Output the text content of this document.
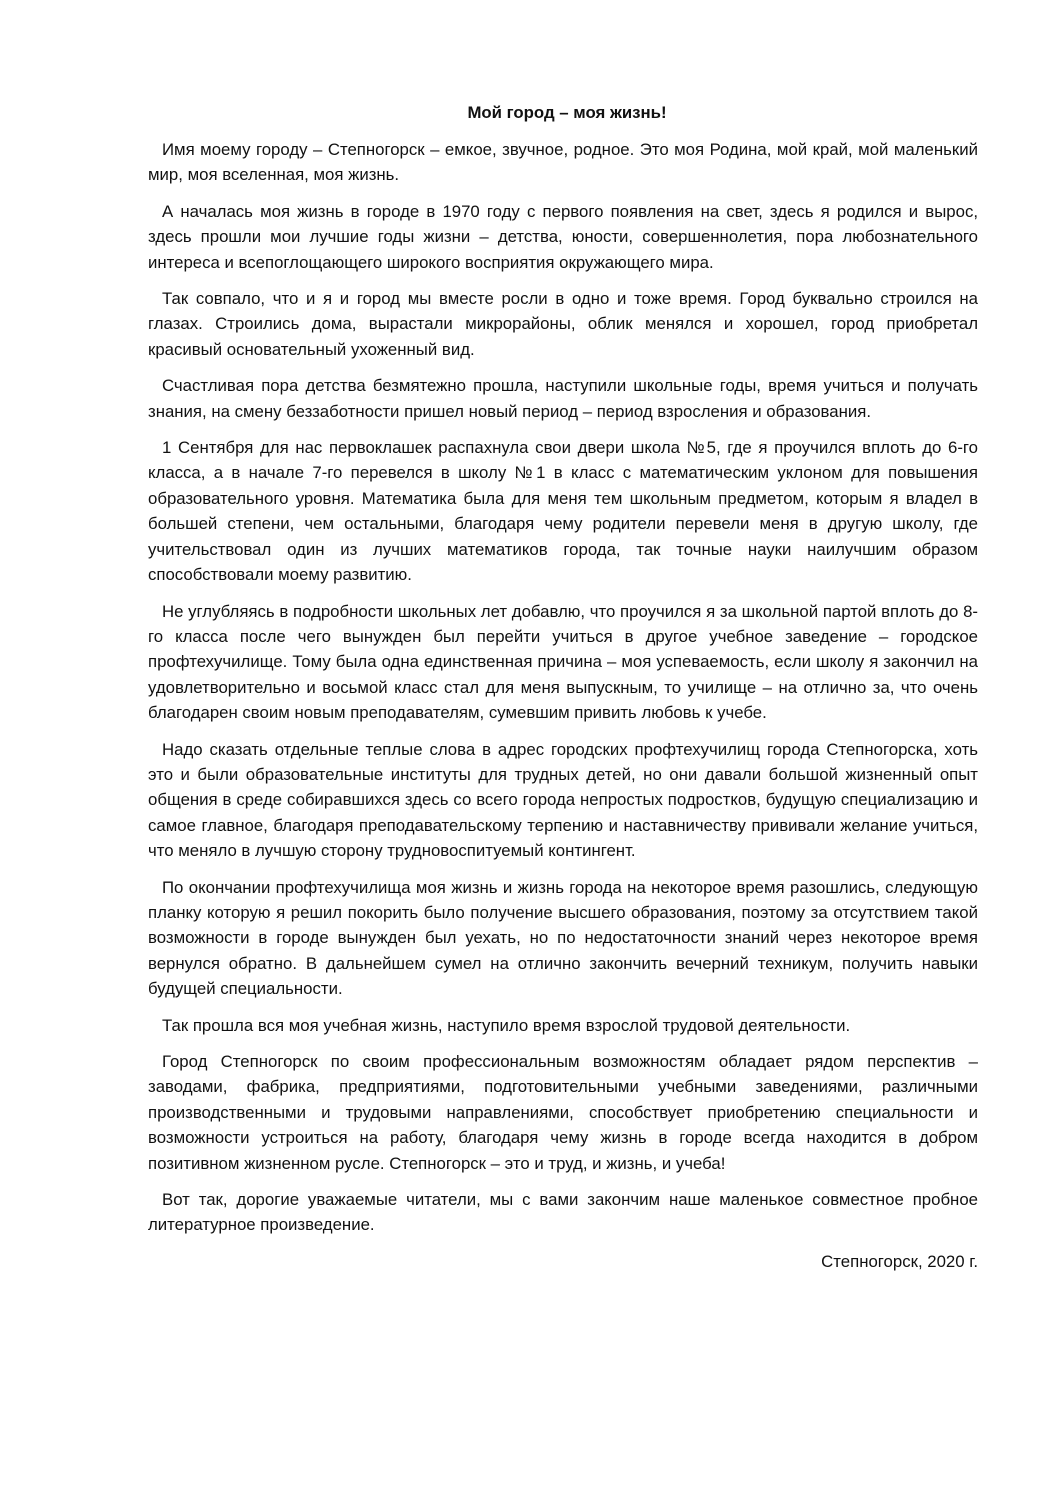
Мой город – моя жизнь!

Имя моему городу – Степногорск – емкое, звучное, родное. Это моя Родина, мой край, мой маленький мир, моя вселенная, моя жизнь.

А началась моя жизнь в городе в 1970 году с первого появления на свет, здесь я родился и вырос, здесь прошли мои лучшие годы жизни – детства, юности, совершеннолетия, пора любознательного интереса и всепоглощающего широкого восприятия окружающего мира.

Так совпало, что и я и город мы вместе росли в одно и тоже время. Город буквально строился на глазах. Строились дома, вырастали микрорайоны, облик менялся и хорошел, город приобретал красивый основательный ухоженный вид.

Счастливая пора детства безмятежно прошла, наступили школьные годы, время учиться и получать знания, на смену беззаботности пришел новый период – период взросления и образования.

1 Сентября для нас первоклашек распахнула свои двери школа №5, где я проучился вплоть до 6-го класса, а в начале 7-го перевелся в школу №1 в класс с математическим уклоном для повышения образовательного уровня. Математика была для меня тем школьным предметом, которым я владел в большей степени, чем остальными, благодаря чему родители перевели меня в другую школу, где учительствовал один из лучших математиков города, так точные науки наилучшим образом способствовали моему развитию.

Не углубляясь в подробности школьных лет добавлю, что проучился я за школьной партой вплоть до 8-го класса после чего вынужден был перейти учиться в другое учебное заведение – городское профтехучилище. Тому была одна единственная причина – моя успеваемость, если школу я закончил на удовлетворительно и восьмой класс стал для меня выпускным, то училище – на отлично за, что очень благодарен своим новым преподавателям, сумевшим привить любовь к учебе.

Надо сказать отдельные теплые слова в адрес городских профтехучилищ города Степногорска, хоть это и были образовательные институты для трудных детей, но они давали большой жизненный опыт общения в среде собиравшихся здесь со всего города непростых подростков, будущую специализацию и самое главное, благодаря преподавательскому терпению и наставничеству прививали желание учиться, что меняло в лучшую сторону трудновоспитуемый контингент.

По окончании профтехучилища моя жизнь и жизнь города на некоторое время разошлись, следующую планку которую я решил покорить было получение высшего образования, поэтому за отсутствием такой возможности в городе вынужден был уехать, но по недостаточности знаний через некоторое время вернулся обратно. В дальнейшем сумел на отлично закончить вечерний техникум, получить навыки будущей специальности.

Так прошла вся моя учебная жизнь, наступило время взрослой трудовой деятельности.

Город Степногорск по своим профессиональным возможностям обладает рядом перспектив – заводами, фабрика, предприятиями, подготовительными учебными заведениями, различными производственными и трудовыми направлениями, способствует приобретению специальности и возможности устроиться на работу, благодаря чему жизнь в городе всегда находится в добром позитивном жизненном русле. Степногорск – это и труд, и жизнь, и учеба!

Вот так, дорогие уважаемые читатели, мы с вами закончим наше маленькое совместное пробное литературное произведение.

Степногорск, 2020 г.
